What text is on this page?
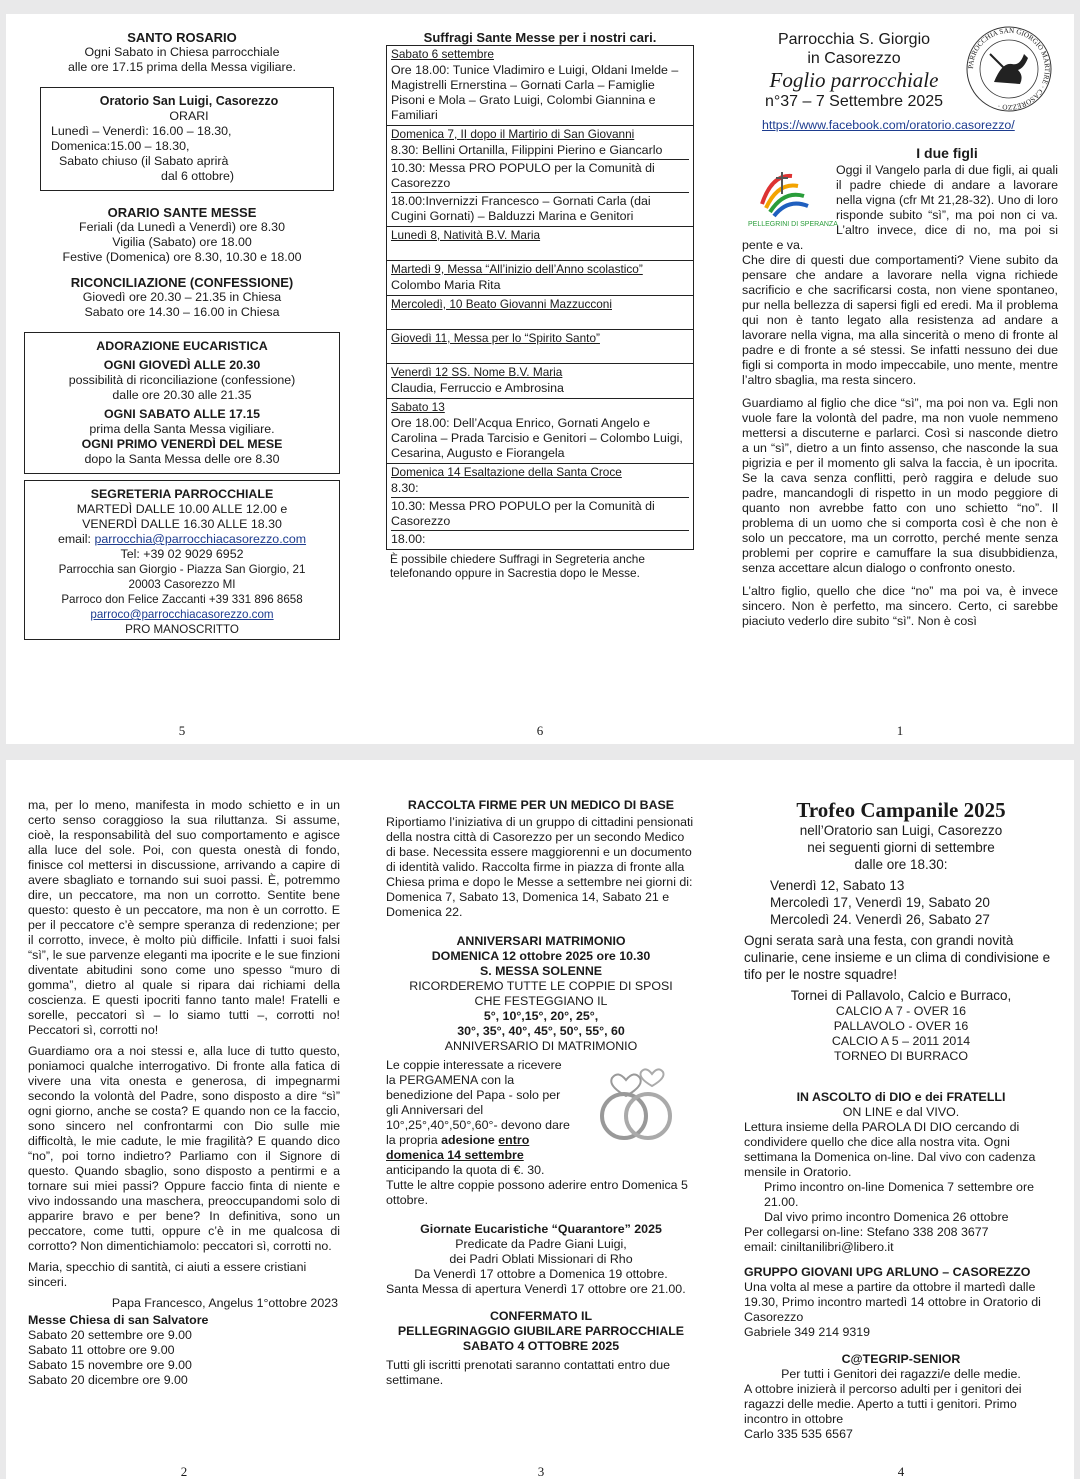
SANTO ROSARIO
Ogni Sabato in Chiesa parrocchiale
alle ore 17.15 prima della Messa vigiliare.
Oratorio San Luigi, Casorezzo
ORARI
Lunedì – Venerdì: 16.00 – 18.30,
Domenica:15.00 – 18.30,
Sabato chiuso (il Sabato aprirà
dal 6 ottobre)
ORARIO SANTE MESSE
Feriali (da Lunedì a Venerdì) ore 8.30
Vigilia (Sabato) ore 18.00
Festive (Domenica) ore 8.30, 10.30 e 18.00
RICONCILIAZIONE (CONFESSIONE)
Giovedì ore 20.30 – 21.35 in Chiesa
Sabato ore 14.30 – 16.00 in Chiesa
ADORAZIONE EUCARISTICA
OGNI GIOVEDÌ ALLE 20.30
possibilità di riconciliazione (confessione)
dalle ore 20.30 alle 21.35
OGNI SABATO ALLE 17.15
prima della Santa Messa vigiliare.
OGNI PRIMO VENERDÌ DEL MESE
dopo la Santa Messa delle ore 8.30
SEGRETERIA PARROCCHIALE
MARTEDÌ DALLE 10.00 ALLE 12.00 e
VENERDÌ DALLE 16.30 ALLE 18.30
email: parrocchia@parrocchiacasorezzo.com
Tel: +39 02 9029 6952
Parrocchia san Giorgio - Piazza San Giorgio, 21
20003 Casorezzo MI
Parroco don Felice Zaccanti +39 331 896 8658
parroco@parrocchiacasorezzo.com
PRO MANOSCRITTO
5
Suffragi Sante Messe per i nostri cari.
Sabato 6 settembre
Ore 18.00: Tunice Vladimiro e Luigi, Oldani Imelde – Magistrelli Ernerstina – Gornati Carla – Famiglie Pisoni e Mola – Grato Luigi, Colombi Giannina e Familiari
Domenica 7, II dopo il Martirio di San Giovanni
8.30: Bellini Ortanilla, Filippini Pierino e Giancarlo
10.30: Messa PRO POPULO per la Comunità di Casorezzo
18.00:Invernizzi Francesco – Gornati Carla (dai Cugini Gornati) – Balduzzi Marina e Genitori
Lunedì 8, Natività B.V. Maria
Martedì 9, Messa “All’inizio dell’Anno scolastico”
Colombo Maria Rita
Mercoledì, 10 Beato Giovanni Mazzucconi
Giovedì 11, Messa per lo “Spirito Santo”
Venerdì 12 SS. Nome B.V. Maria
Claudia, Ferruccio e Ambrosina
Sabato 13
Ore 18.00: Dell’Acqua Enrico, Gornati Angelo e Carolina – Prada Tarcisio e Genitori – Colombo Luigi, Cesarina, Augusto e Fiorangela
Domenica 14 Esaltazione della Santa Croce
8.30:
10.30: Messa PRO POPULO per la Comunità di Casorezzo
18.00:
È possibile chiedere Suffragi in Segreteria anche telefonando oppure in Sacrestia dopo le Messe.
6
Parrocchia S. Giorgio
in Casorezzo
Foglio parrocchiale
n°37 – 7 Settembre 2025
PARROCCHIA SAN GIORGIO MARTIRE · CASOREZZO ·
https://www.facebook.com/oratorio.casorezzo/
PELLEGRINI DI SPERANZA
I due figli

Oggi il Vangelo parla di due figli, ai quali il padre chiede di andare a lavorare nella vigna (cfr Mt 21,28-32). Uno di loro risponde subito “sì”, ma poi non ci va. L’altro invece, dice di no, ma poi si pente e va.

Che dire di questi due comportamenti? Viene subito da pensare che andare a lavorare nella vigna richiede sacrificio e che sacrificarsi costa, non viene spontaneo, pur nella bellezza di sapersi figli ed eredi. Ma il problema qui non è tanto legato alla resistenza ad andare a lavorare nella vigna, ma alla sincerità o meno di fronte al padre e di fronte a sé stessi. Se infatti nessuno dei due figli si comporta in modo impeccabile, uno mente, mentre l’altro sbaglia, ma resta sincero.

Guardiamo al figlio che dice “sì”, ma poi non va. Egli non vuole fare la volontà del padre, ma non vuole nemmeno mettersi a discuterne e parlarci. Così si nasconde dietro a un “sì”, dietro a un finto assenso, che nasconde la sua pigrizia e per il momento gli salva la faccia, è un ipocrita. Se la cava senza conflitti, però raggira e delude suo padre, mancandogli di rispetto in un modo peggiore di quanto non avrebbe fatto con uno schietto “no”. Il problema di un uomo che si comporta così è che non è solo un peccatore, ma un corrotto, perché mente senza problemi per coprire e camuffare la sua disubbidienza, senza accettare alcun dialogo o confronto onesto.

L’altro figlio, quello che dice “no” ma poi va, è invece sincero. Non è perfetto, ma sincero. Certo, ci sarebbe piaciuto vederlo dire subito “sì”. Non è così

1

ma, per lo meno, manifesta in modo schietto e in un certo senso coraggioso la sua riluttanza. Si assume, cioè, la responsabilità del suo comportamento e agisce alla luce del sole. Poi, con questa onestà di fondo, finisce col mettersi in discussione, arrivando a capire di avere sbagliato e tornando sui suoi passi. È, potremmo dire, un peccatore, ma non un corrotto. Sentite bene questo: questo è un peccatore, ma non è un corrotto. E per il peccatore c’è sempre speranza di redenzione; per il corrotto, invece, è molto più difficile. Infatti i suoi falsi “sì”, le sue parvenze eleganti ma ipocrite e le sue finzioni diventate abitudini sono come uno spesso “muro di gomma”, dietro al quale si ripara dai richiami della coscienza. E questi ipocriti fanno tanto male! Fratelli e sorelle, peccatori sì – lo siamo tutti –, corrotti no! Peccatori sì, corrotti no!

Guardiamo ora a noi stessi e, alla luce di tutto questo, poniamoci qualche interrogativo. Di fronte alla fatica di vivere una vita onesta e generosa, di impegnarmi secondo la volontà del Padre, sono disposto a dire “sì” ogni giorno, anche se costa? E quando non ce la faccio, sono sincero nel confrontarmi con Dio sulle mie difficoltà, le mie cadute, le mie fragilità? E quando dico “no”, poi torno indietro? Parliamo con il Signore di questo. Quando sbaglio, sono disposto a pentirmi e a tornare sui miei passi? Oppure faccio finta di niente e vivo indossando una maschera, preoccupandomi solo di apparire bravo e per bene? In definitiva, sono un peccatore, come tutti, oppure c’è in me qualcosa di corrotto? Non dimentichiamolo: peccatori sì, corrotti no.

Maria, specchio di santità, ci aiuti a essere cristiani sinceri.

Papa Francesco, Angelus 1°ottobre 2023
Messe Chiesa di san Salvatore
Sabato 20 settembre ore 9.00
Sabato 11 ottobre ore 9.00
Sabato 15 novembre ore 9.00
Sabato 20 dicembre ore 9.00
2
RACCOLTA FIRME PER UN MEDICO DI BASE

Riportiamo l’iniziativa di un gruppo di cittadini pensionati della nostra città di Casorezzo per un secondo Medico di base. Necessita essere maggiorenni e un documento di identità valido. Raccolta firme in piazza di fronte alla Chiesa prima e dopo le Messe a settembre nei giorni di: Domenica 7, Sabato 13, Domenica 14, Sabato 21 e Domenica 22.

ANNIVERSARI MATRIMONIO
DOMENICA 12 ottobre 2025 ore 10.30
S. MESSA SOLENNE
RICORDEREMO TUTTE LE COPPIE DI SPOSI
CHE FESTEGGIANO IL
5°, 10°,15°, 20°, 25°,
30°, 35°, 40°, 45°, 50°, 55°, 60
ANNIVERSARIO DI MATRIMONIO

Le coppie interessate a ricevere la PERGAMENA con la benedizione del Papa - solo per gli Anniversari del 10°,25°,40°,50°,60°- devono dare la propria adesione entro domenica 14 settembre anticipando la quota di €. 30.

Tutte le altre coppie possono aderire entro Domenica 5 ottobre.

Giornate Eucaristiche “Quarantore” 2025
Predicate da Padre Giani Luigi,
dei Padri Oblati Missionari di Rho
Da Venerdì 17 ottobre a Domenica 19 ottobre.

Santa Messa di apertura Venerdì 17 ottobre ore 21.00.

CONFERMATO IL
PELLEGRINAGGIO GIUBILARE PARROCCHIALE
SABATO 4 OTTOBRE 2025

Tutti gli iscritti prenotati saranno contattati entro due settimane.

3
Trofeo Campanile 2025
nell’Oratorio san Luigi, Casorezzo
nei seguenti giorni di settembre
dalle ore 18.30:
Venerdì 12, Sabato 13
Mercoledì 17, Venerdì 19, Sabato 20
Mercoledì 24. Venerdì 26, Sabato 27

Ogni serata sarà una festa, con grandi novità culinarie, cene insieme e un clima di condivisione e tifo per le nostre squadre!

Tornei di Pallavolo, Calcio e Burraco,
CALCIO A 7 - OVER 16
PALLAVOLO - OVER 16
CALCIO A 5 – 2011 2014
TORNEO DI BURRACO
IN ASCOLTO di DIO e dei FRATELLI
ON LINE e dal VIVO.

Lettura insieme della PAROLA DI DIO cercando di condividere quello che dice alla nostra vita. Ogni settimana la Domenica on-line. Dal vivo con cadenza mensile in Oratorio.

Primo incontro on-line Domenica 7 settembre ore 21.00.
Dal vivo primo incontro Domenica 26 ottobre
Per collegarsi on-line: Stefano 338 208 3677
email: ciniltanilibri@libero.it
GRUPPO GIOVANI UPG ARLUNO – CASOREZZO

Una volta al mese a partire da ottobre il martedì dalle 19.30, Primo incontro martedì 14 ottobre in Oratorio di Casorezzo

Gabriele 349 214 9319
C@TEGRIP-SENIOR
Per tutti i Genitori dei ragazzi/e delle medie.

A ottobre inizierà il percorso adulti per i genitori dei ragazzi delle medie. Aperto a tutti i genitori. Primo incontro in ottobre

Carlo 335 535 6567
4
